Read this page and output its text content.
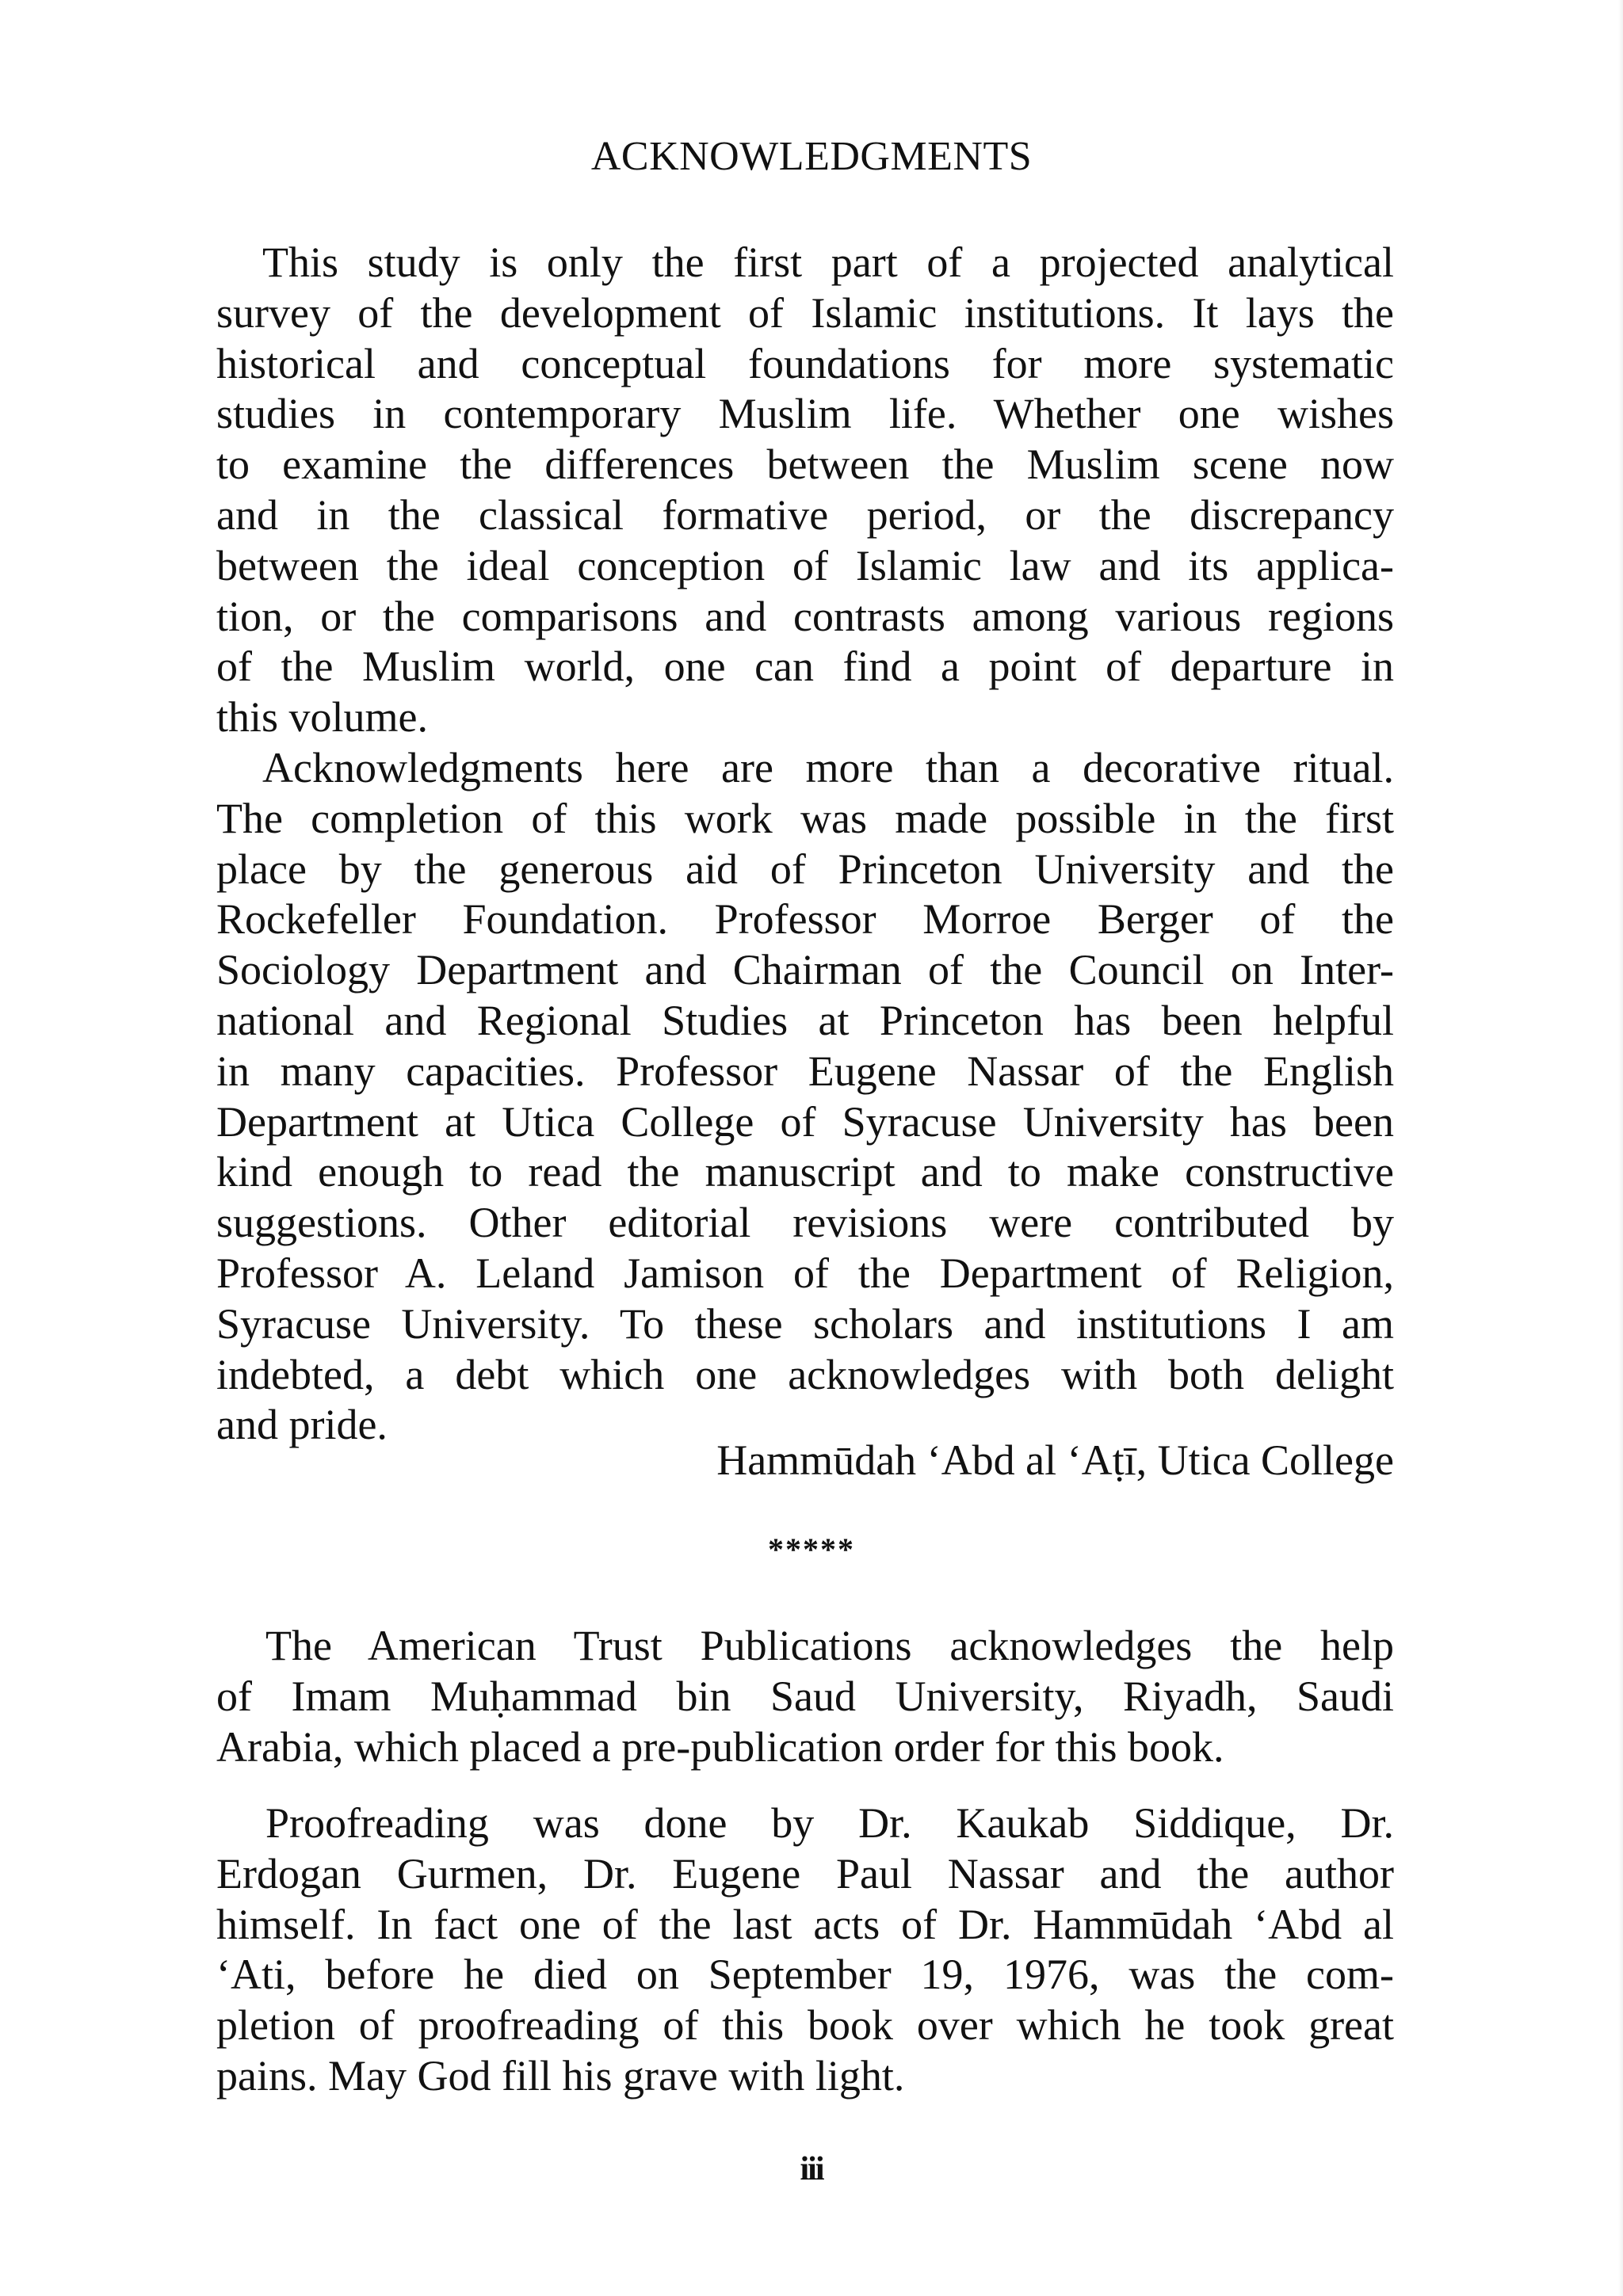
ACKNOWLEDGMENTS
This study is only the first part of a projected analytical
survey of the development of Islamic institutions. It lays the
historical and conceptual foundations for more systematic
studies in contemporary Muslim life. Whether one wishes
to examine the differences between the Muslim scene now
and in the classical formative period, or the discrepancy
between the ideal conception of Islamic law and its applica-
tion, or the comparisons and contrasts among various regions
of the Muslim world, one can find a point of departure in
this volume.
Acknowledgments here are more than a decorative ritual.
The completion of this work was made possible in the first
place by the generous aid of Princeton University and the
Rockefeller Foundation. Professor Morroe Berger of the
Sociology Department and Chairman of the Council on Inter-
national and Regional Studies at Princeton has been helpful
in many capacities. Professor Eugene Nassar of the English
Department at Utica College of Syracuse University has been
kind enough to read the manuscript and to make constructive
suggestions. Other editorial revisions were contributed by
Professor A. Leland Jamison of the Department of Religion,
Syracuse University. To these scholars and institutions I am
indebted, a debt which one acknowledges with both delight
and pride.
Hammūdah ‘Abd al ‘Aṭī, Utica College
*****
The American Trust Publications acknowledges the help
of Imam Muḥammad bin Saud University, Riyadh, Saudi
Arabia, which placed a pre-publication order for this book.
Proofreading was done by Dr. Kaukab Siddique, Dr.
Erdogan Gurmen, Dr. Eugene Paul Nassar and the author
himself. In fact one of the last acts of Dr. Hammūdah ‘Abd al
‘Ati, before he died on September 19, 1976, was the com-
pletion of proofreading of this book over which he took great
pains. May God fill his grave with light.
iii
